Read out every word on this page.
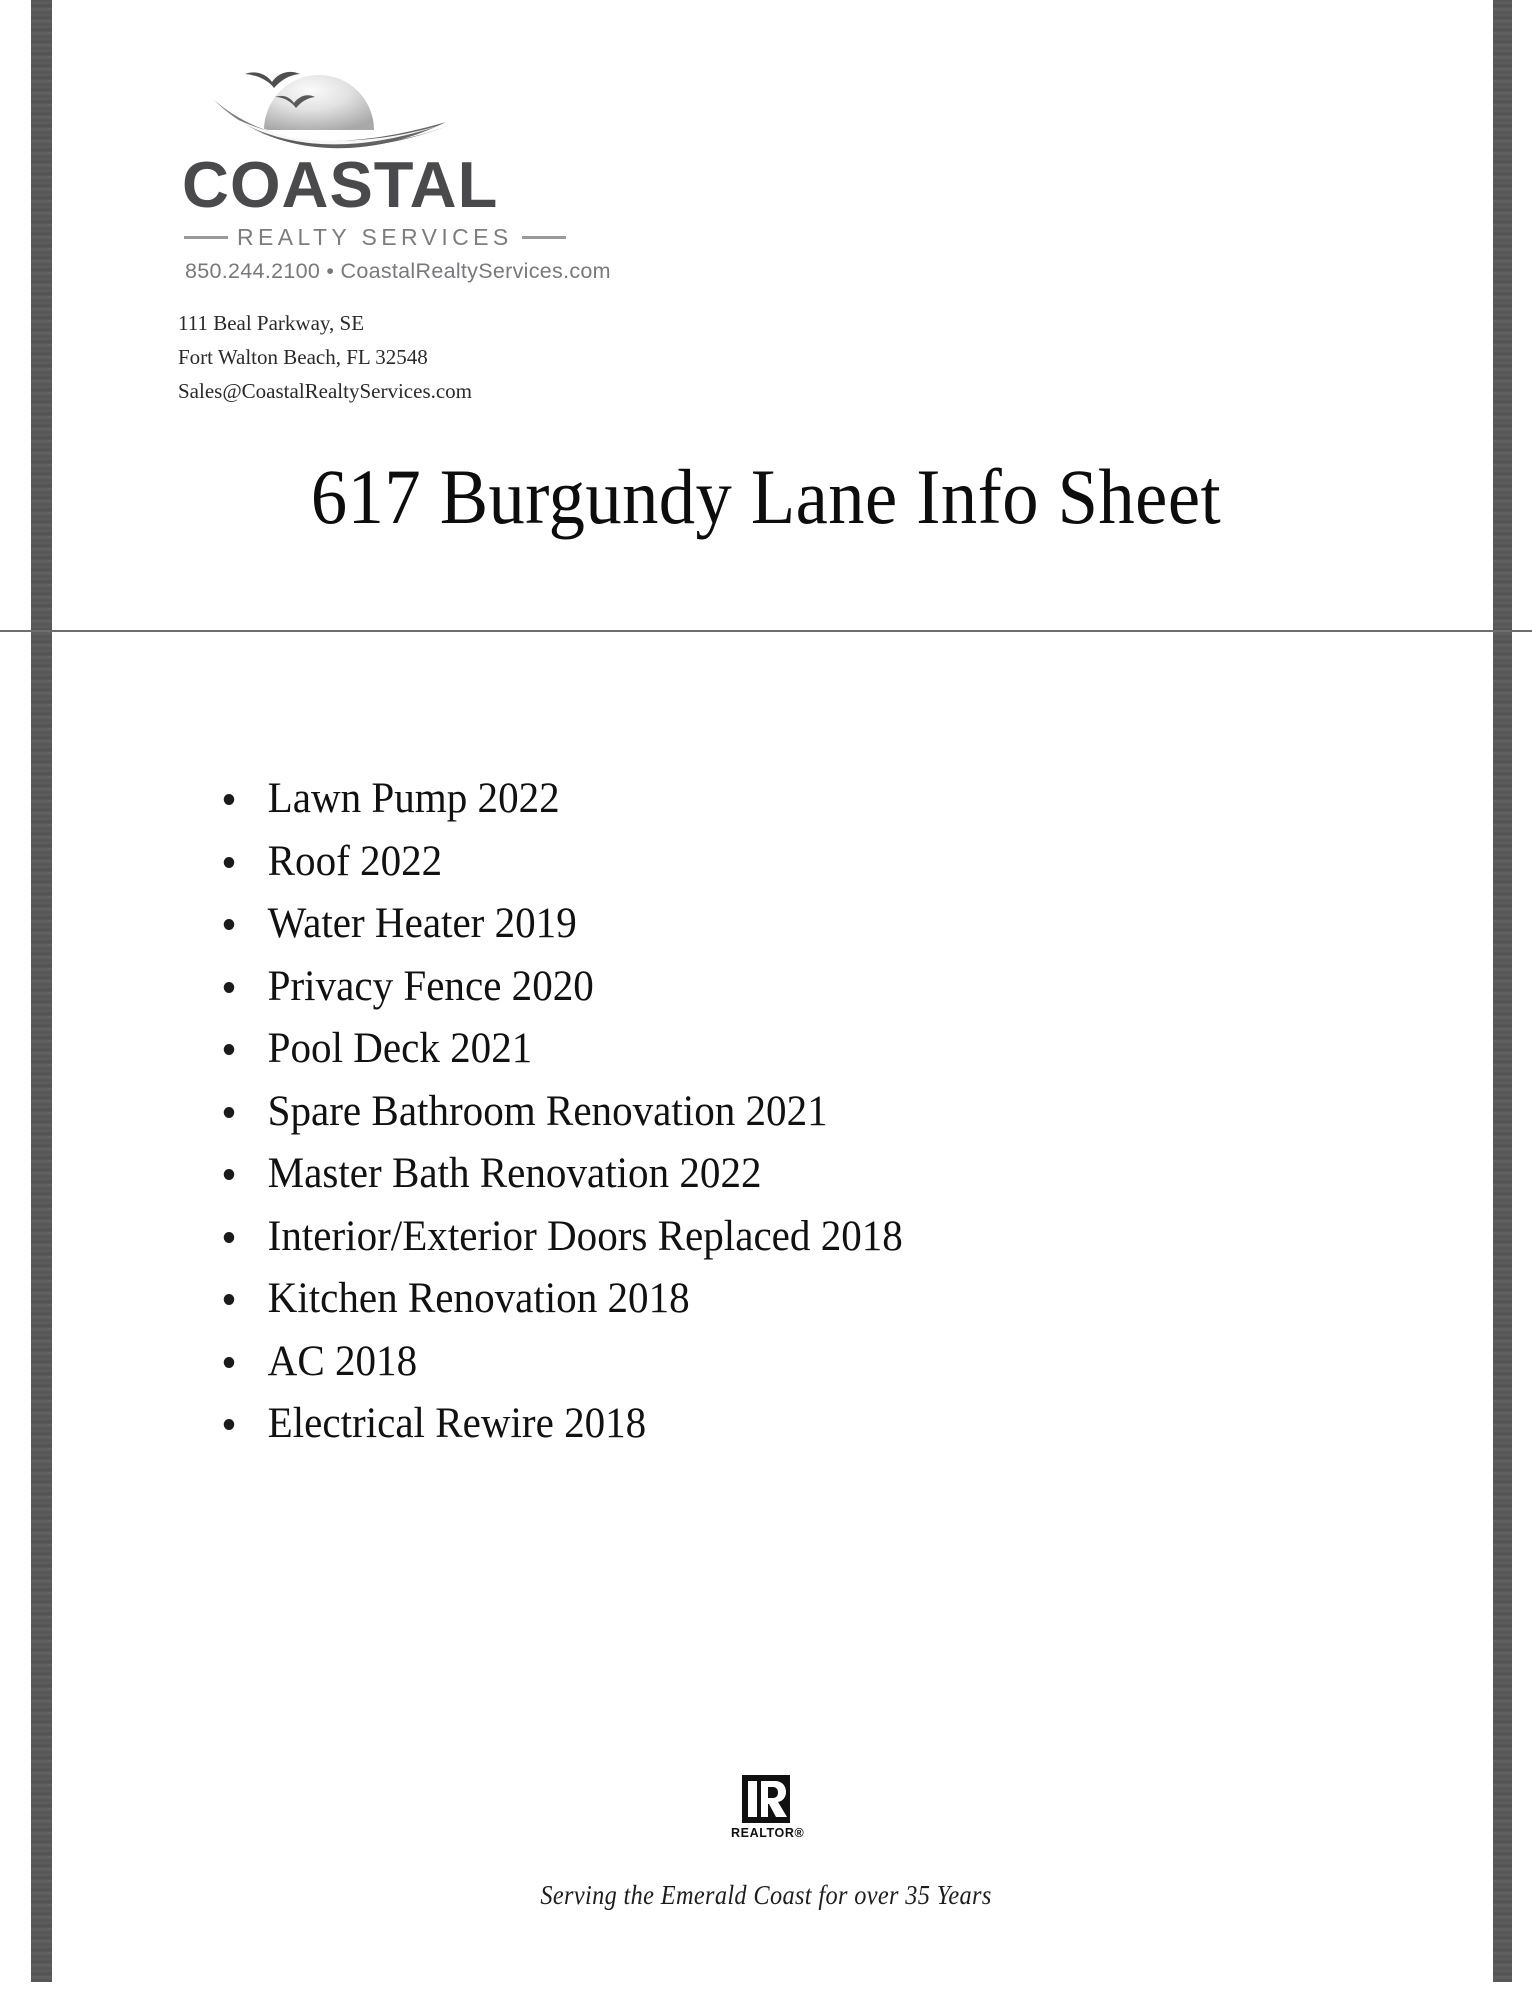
COASTAL
REALTY SERVICES
850.244.2100 • CoastalRealtyServices.com
111 Beal Parkway, SE
Fort Walton Beach, FL 32548
Sales@CoastalRealtyServices.com
617 Burgundy Lane Info Sheet
Lawn Pump 2022
Roof 2022
Water Heater 2019
Privacy Fence 2020
Pool Deck 2021
Spare Bathroom Renovation 2021
Master Bath Renovation 2022
Interior/Exterior Doors Replaced 2018
Kitchen Renovation 2018
AC 2018
Electrical Rewire 2018
REALTOR®
Serving the Emerald Coast for over 35 Years
